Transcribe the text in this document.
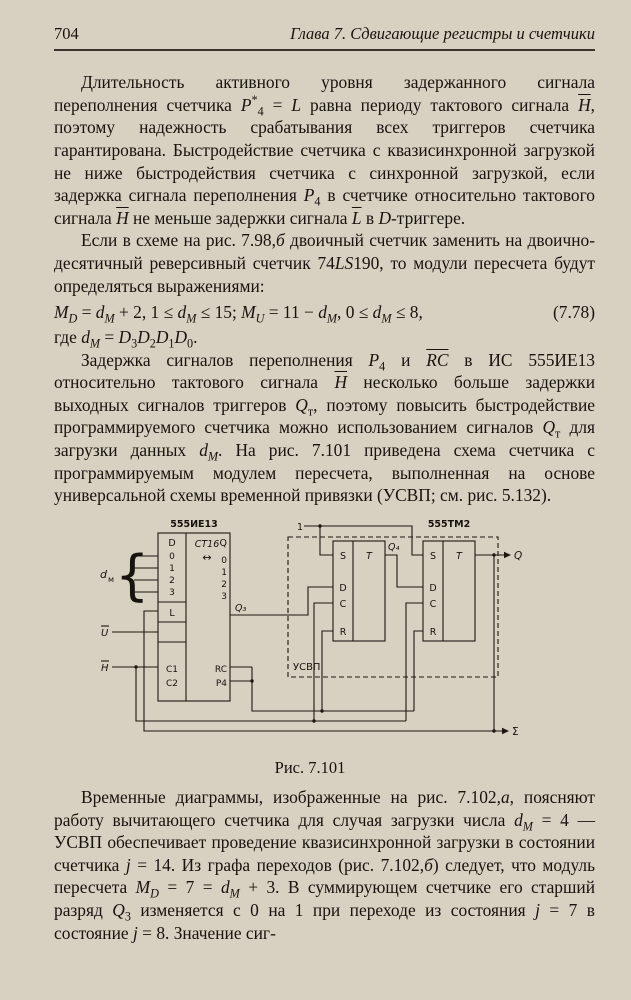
704	Глава 7. Сдвигающие регистры и счетчики

Длительность активного уровня задержанного сигнала переполнения счетчика $P^*_4 = L$ равна периоду тактового сигнала $\overline{H}$, поэтому надежность срабатывания всех триггеров счетчика гарантирована. Быстродействие счетчика с квазисинхронной загрузкой не ниже быстродействия счетчика с синхронной загрузкой, если задержка сигнала переполнения $P_4$ в счетчике относительно тактового сигнала $\overline{H}$ не меньше задержки сигнала $\overline{L}$ в D-триггере.

Если в схеме на рис. 7.98,б двоичный счетчик заменить на двоично-десятичный реверсивный счетчик 74LS190, то модули пересчета будут определяться выражениями:

$M_D = d_M + 2$, $1 \le d_M \le 15$; $M_U = 11 - d_M$, $0 \le d_M \le 8$,	(7.78)

где $d_M = D_3D_2D_1D_0$.

Задержка сигналов переполнения $P_4$ и $\overline{RC}$ в ИС 555ИЕ13 относительно тактового сигнала $\overline{H}$ несколько больше задержки выходных сигналов триггеров $Q_т$, поэтому повысить быстродействие программируемого счетчика можно использованием сигналов $Q_т$ для загрузки данных $d_M$. На рис. 7.101 приведена схема счетчика с программируемым модулем пересчета, выполненная на основе универсальной схемы временной привязки (УСВП; см. рис. 5.132).

555ИЕ13	555ТМ2
CT16
↔
D
0
1
2
3
L
C1
C2
Q
0
1
2
3
RC
P4
Q₃
{
d м
U
H
1
S
D
C
R
T	S
D
C
R
T
Q₄
Q
Σ
УСВП
Рис. 7.101

Временные диаграммы, изображенные на рис. 7.102,а, поясняют работу вычитающего счетчика для случая загрузки числа $d_M = 4$ — УСВП обеспечивает проведение квазисинхронной загрузки в состоянии счетчика j = 14. Из графа переходов (рис. 7.102,б) следует, что модуль пересчета $M_D = 7 = d_M + 3$. В суммирующем счетчике его старший разряд $Q_3$ изменяется с 0 на 1 при переходе из состояния j = 7 в состояние j = 8. Значение сиг-
